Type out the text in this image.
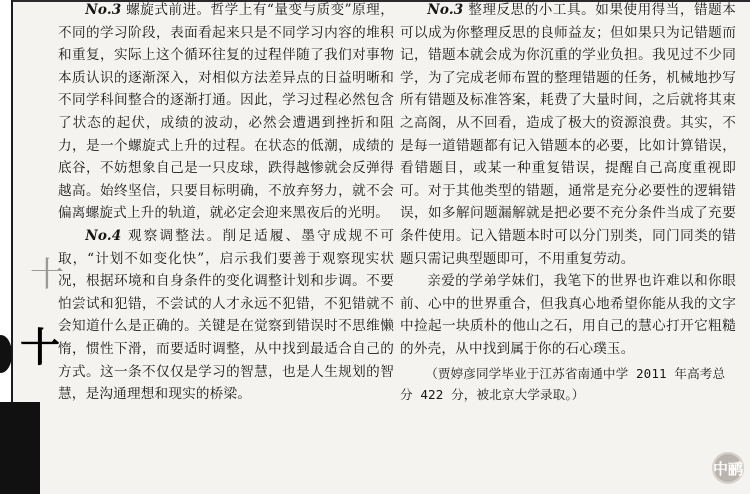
十
十

No.3 螺旋式前进。哲学上有“量变与质变”原理，不同的学习阶段，表面看起来只是不同学习内容的堆积和重复，实际上这个循环往复的过程伴随了我们对事物本质认识的逐渐深入，对相似方法差异点的日益明晰和不同学科间整合的逐渐打通。因此，学习过程必然包含了状态的起伏，成绩的波动，必然会遭遇到挫折和阻力，是一个螺旋式上升的过程。在状态的低潮，成绩的底谷，不妨想象自己是一只皮球，跌得越惨就会反弹得越高。始终坚信，只要目标明确，不放弃努力，就不会偏离螺旋式上升的轨道，就必定会迎来黑夜后的光明。

No.4 观察调整法。削足适履、墨守成规不可取，“计划不如变化快”，启示我们要善于观察现实状况，根据环境和自身条件的变化调整计划和步调。不要怕尝试和犯错，不尝试的人才永远不犯错，不犯错就不会知道什么是正确的。关键是在觉察到错误时不思维懒惰，惯性下滑，而要适时调整，从中找到最适合自己的方式。这一条不仅仅是学习的智慧，也是人生规划的智慧，是沟通理想和现实的桥梁。

No.3 整理反思的小工具。如果使用得当，错题本可以成为你整理反思的良师益友；但如果只为记错题而记，错题本就会成为你沉重的学业负担。我见过不少同学，为了完成老师布置的整理错题的任务，机械地抄写所有错题及标准答案，耗费了大量时间，之后就将其束之高阁，从不回看，造成了极大的资源浪费。其实，不是每一道错题都有记入错题本的必要，比如计算错误，看错题目，或某一种重复错误，提醒自己高度重视即可。对于其他类型的错题，通常是充分必要性的逻辑错误，如多解问题漏解就是把必要不充分条件当成了充要条件使用。记入错题本时可以分门别类，同门同类的错题只需记典型题即可，不用重复劳动。

亲爱的学弟学妹们，我笔下的世界也许难以和你眼前、心中的世界重合，但我真心地希望你能从我的文字中捡起一块质朴的他山之石，用自己的慧心打开它粗糙的外壳，从中找到属于你的石心璞玉。

（贾婷彦同学毕业于江苏省南通中学 2011 年高考总分 422 分，被北京大学录取。）

中鹂
